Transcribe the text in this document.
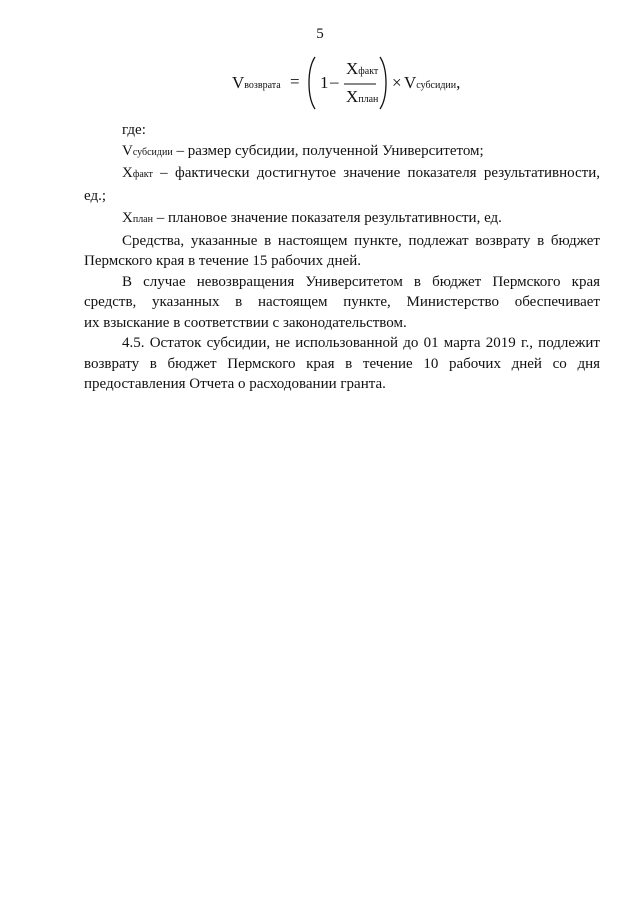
5
Vвозврата = 1 –
Xфакт
Xплан
× Vсубсидии,
где:
Vсубсидии – размер субсидии, полученной Университетом;
Xфакт – фактически достигнутое значение показателя результативности,
ед.;
Xплан – плановое значение показателя результативности, ед.
Средства, указанные в настоящем пункте, подлежат возврату в бюджет
Пермского края в течение 15 рабочих дней.
В случае невозвращения Университетом в бюджет Пермского края
средств, указанных в настоящем пункте, Министерство обеспечивает
их взыскание в соответствии с законодательством.
4.5. Остаток субсидии, не использованной до 01 марта 2019 г., подлежит
возврату в бюджет Пермского края в течение 10 рабочих дней со дня
предоставления Отчета о расходовании гранта.
